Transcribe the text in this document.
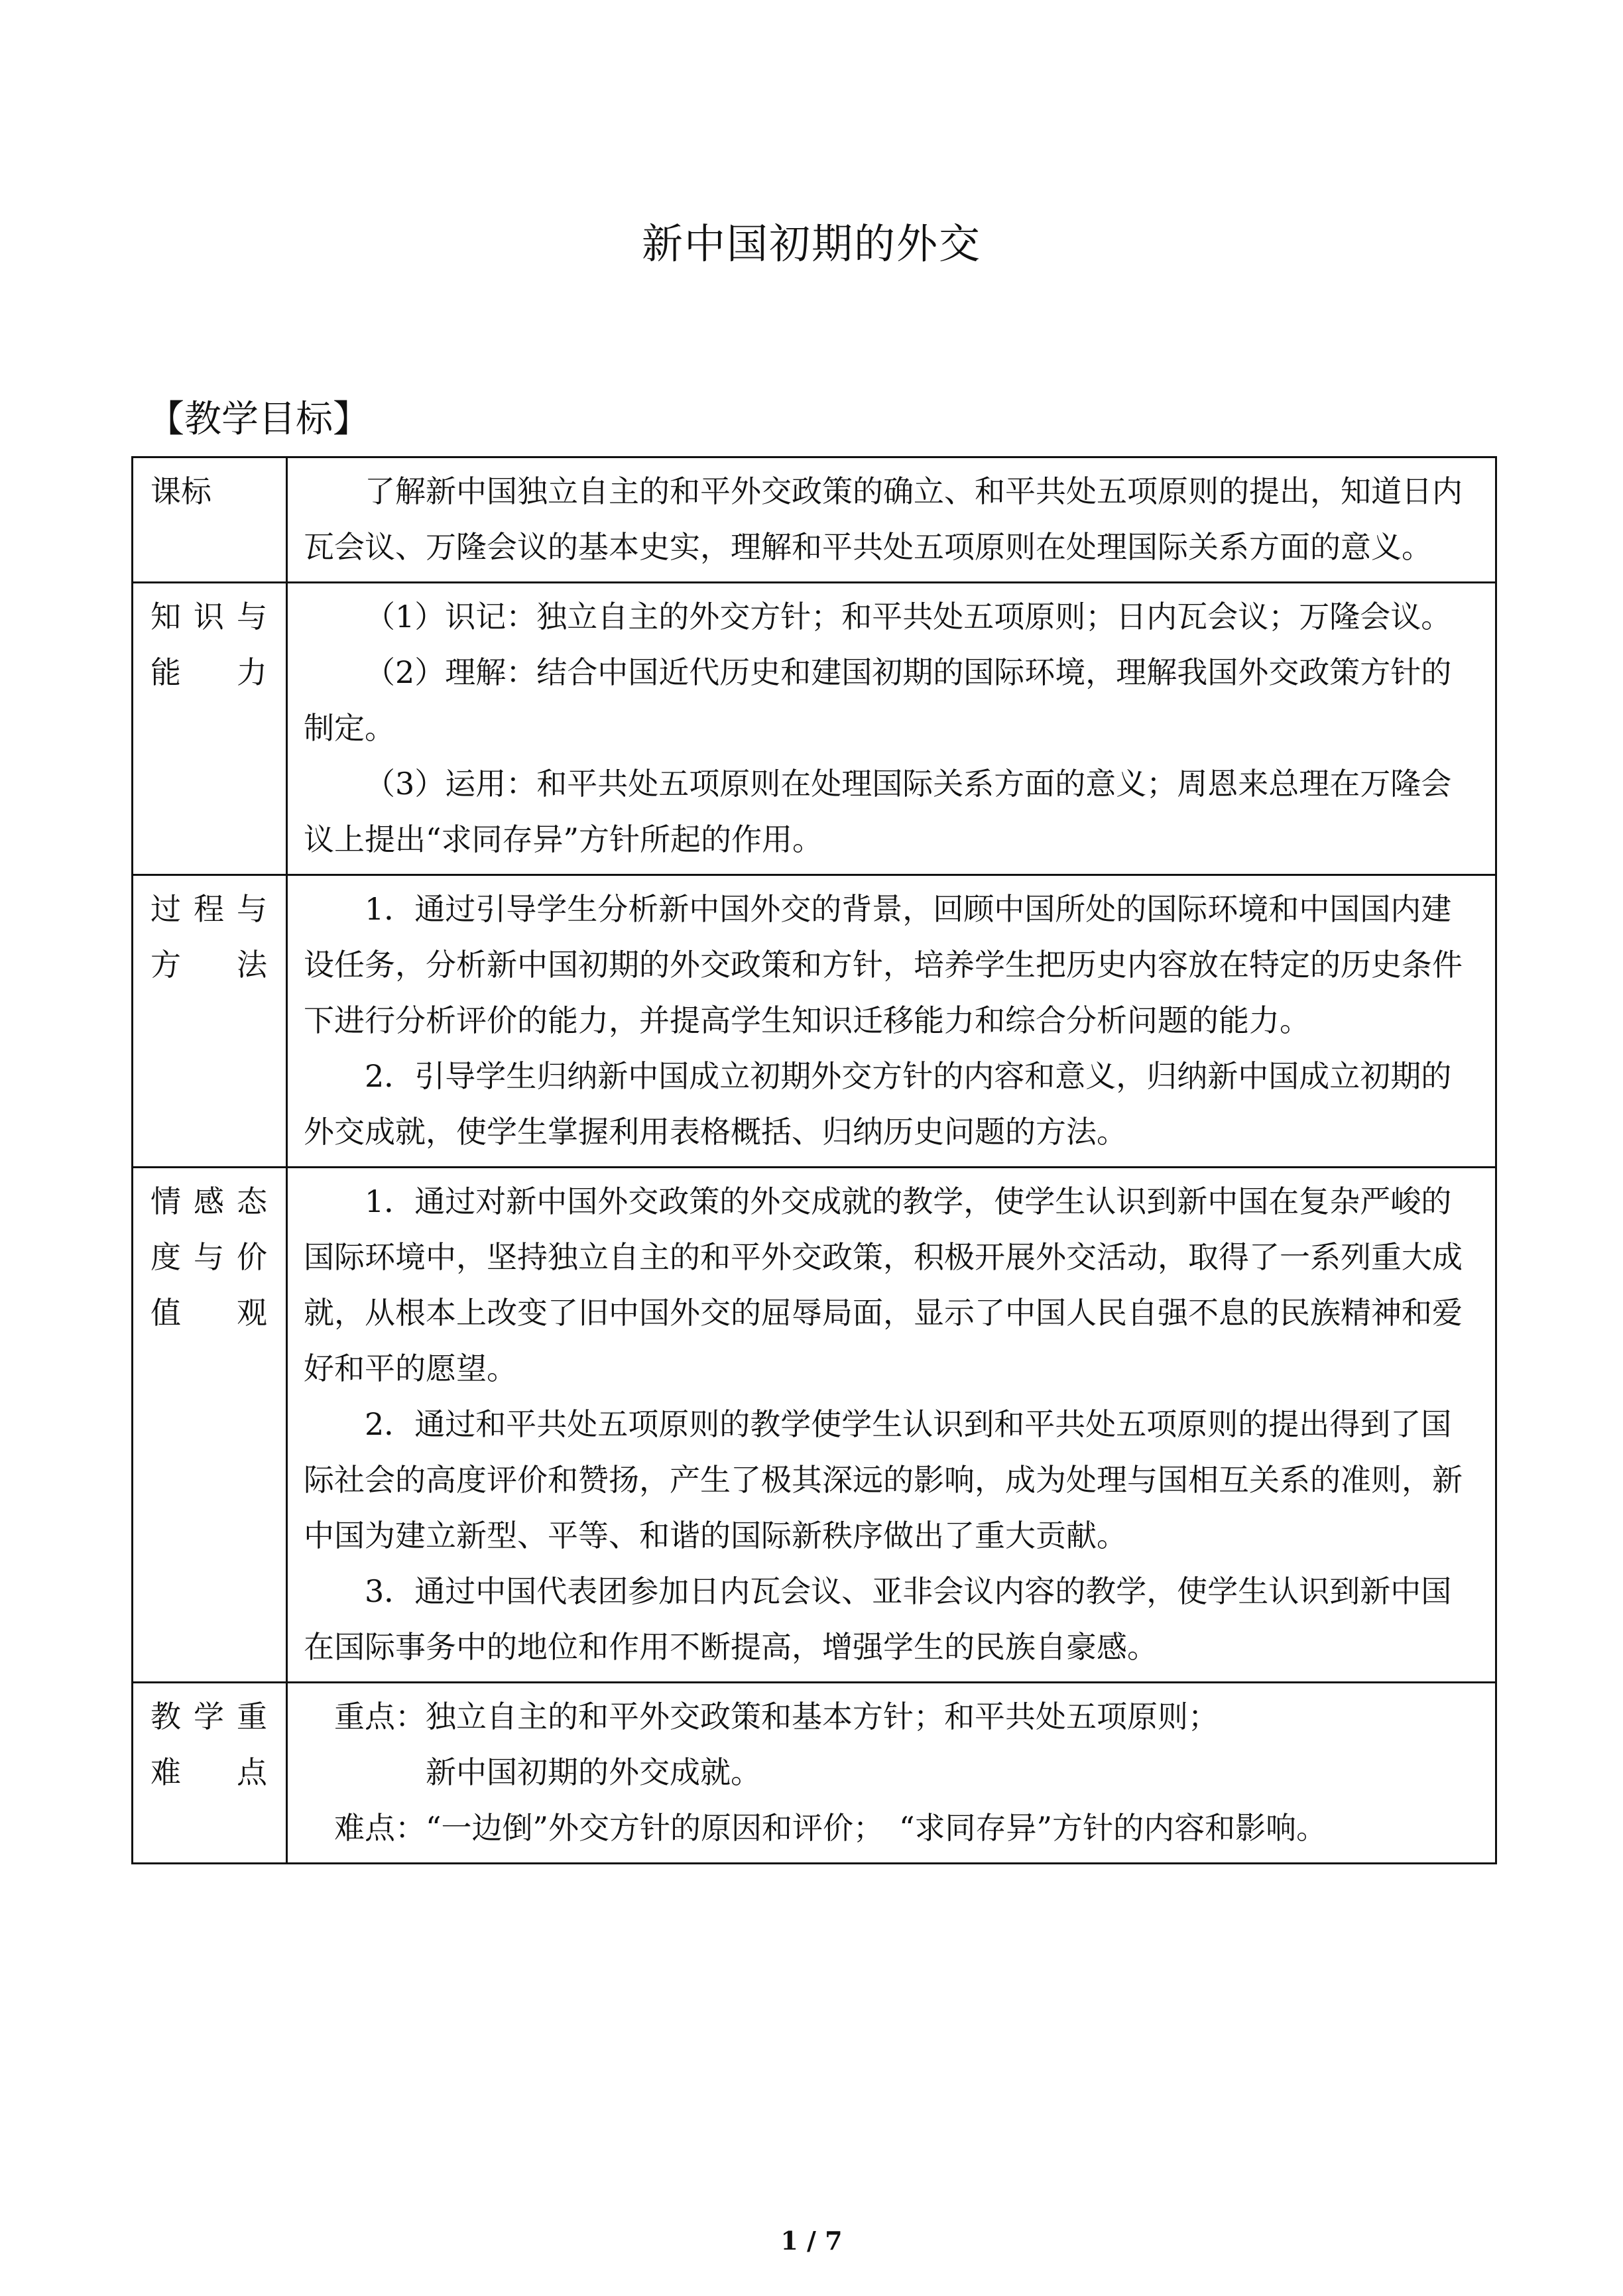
新中国初期的外交
【教学目标】
课标	了解新中国独立自主的和平外交政策的确立、和平共处五项原则的提出，知道日内瓦会议、万隆会议的基本史实，理解和平共处五项原则在处理国际关系方面的意义。

知 识 与 能力	（1）识记：独立自主的外交方针；和平共处五项原则；日内瓦会议；万隆会议。

（2）理解：结合中国近代历史和建国初期的国际环境，理解我国外交政策方针的制定。

（3）运用：和平共处五项原则在处理国际关系方面的意义；周恩来总理在万隆会议上提出“求同存异”方针所起的作用。

过 程 与 方法	1．通过引导学生分析新中国外交的背景，回顾中国所处的国际环境和中国国内建设任务，分析新中国初期的外交政策和方针，培养学生把历史内容放在特定的历史条件下进行分析评价的能力，并提高学生知识迁移能力和综合分析问题的能力。

2．引导学生归纳新中国成立初期外交方针的内容和意义，归纳新中国成立初期的外交成就，使学生掌握利用表格概括、归纳历史问题的方法。

情 感 态 度 与 价 值观	1．通过对新中国外交政策的外交成就的教学，使学生认识到新中国在复杂严峻的国际环境中，坚持独立自主的和平外交政策，积极开展外交活动，取得了一系列重大成就，从根本上改变了旧中国外交的屈辱局面，显示了中国人民自强不息的民族精神和爱好和平的愿望。

2．通过和平共处五项原则的教学使学生认识到和平共处五项原则的提出得到了国际社会的高度评价和赞扬，产生了极其深远的影响，成为处理与国相互关系的准则，新中国为建立新型、平等、和谐的国际新秩序做出了重大贡献。

3．通过中国代表团参加日内瓦会议、亚非会议内容的教学，使学生认识到新中国在国际事务中的地位和作用不断提高，增强学生的民族自豪感。

教 学 重 难点	重点：独立自主的和平外交政策和基本方针；和平共处五项原则；

新中国初期的外交成就。

难点：“一边倒”外交方针的原因和评价；　“求同存异”方针的内容和影响。

1 / 7
